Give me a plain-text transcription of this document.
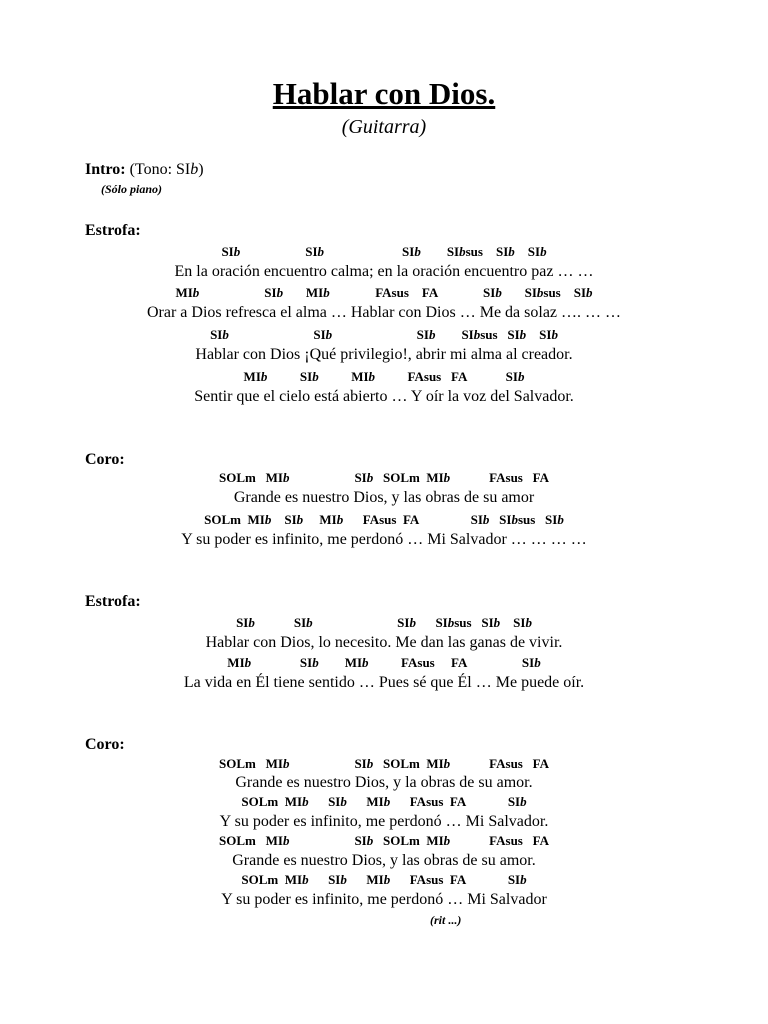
Hablar con Dios.
(Guitarra)
Intro: (Tono: SIb)
(Sólo piano)
Estrofa:
SIb                    SIb                        SIb        SIbsus    SIb    SIb
En la oración encuentro calma; en la oración encuentro paz … …
MIb                    SIb       MIb              FAsus    FA              SIb       SIbsus    SIb
Orar a Dios refresca el alma … Hablar con Dios … Me da solaz …. … …
SIb                          SIb                          SIb        SIbsus   SIb    SIb
Hablar con Dios ¡Qué privilegio!, abrir mi alma al creador.
MIb          SIb          MIb          FAsus   FA            SIb
Sentir que el cielo está abierto … Y oír la voz del Salvador.
Coro:
SOLm   MIb                    SIb   SOLm  MIb            FAsus   FA
Grande es nuestro Dios, y las obras de su amor
SOLm  MIb    SIb     MIb      FAsus  FA                SIb   SIbsus   SIb
Y su poder es infinito, me perdonó … Mi Salvador … … … …
Estrofa:
SIb            SIb                          SIb      SIbsus   SIb    SIb
Hablar con Dios, lo necesito. Me dan las ganas de vivir.
MIb               SIb        MIb          FAsus     FA                 SIb
La vida en Él tiene sentido … Pues sé que Él … Me puede oír.
Coro:
SOLm   MIb                    SIb   SOLm  MIb            FAsus   FA
Grande es nuestro Dios, y la obras de su amor.
SOLm  MIb      SIb      MIb      FAsus  FA             SIb
Y su poder es infinito, me perdonó … Mi Salvador.
SOLm   MIb                    SIb   SOLm  MIb            FAsus   FA
Grande es nuestro Dios, y las obras de su amor.
SOLm  MIb      SIb      MIb      FAsus  FA             SIb
Y su poder es infinito, me perdonó … Mi Salvador
(rit ...)
